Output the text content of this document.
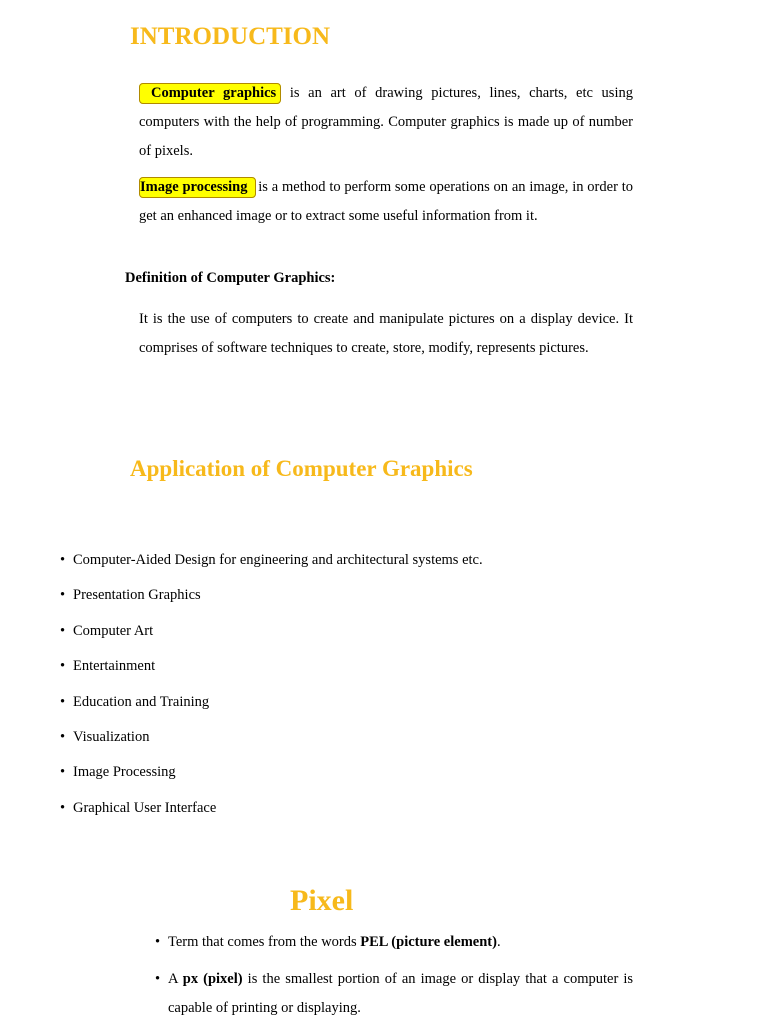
INTRODUCTION
Computer graphics is an art of drawing pictures, lines, charts, etc using computers with the help of programming. Computer graphics is made up of number of pixels.
Image processing is a method to perform some operations on an image, in order to get an enhanced image or to extract some useful information from it.
Definition of Computer Graphics:
It is the use of computers to create and manipulate pictures on a display device. It comprises of software techniques to create, store, modify, represents pictures.
Application of Computer Graphics
• Computer-Aided Design for engineering and architectural systems etc.
• Presentation Graphics
• Computer Art
• Entertainment
• Education and Training
• Visualization
• Image Processing
• Graphical User Interface
Pixel
• Term that comes from the words PEL (picture element).
• A px (pixel) is the smallest portion of an image or display that a computer is capable of printing or displaying.
